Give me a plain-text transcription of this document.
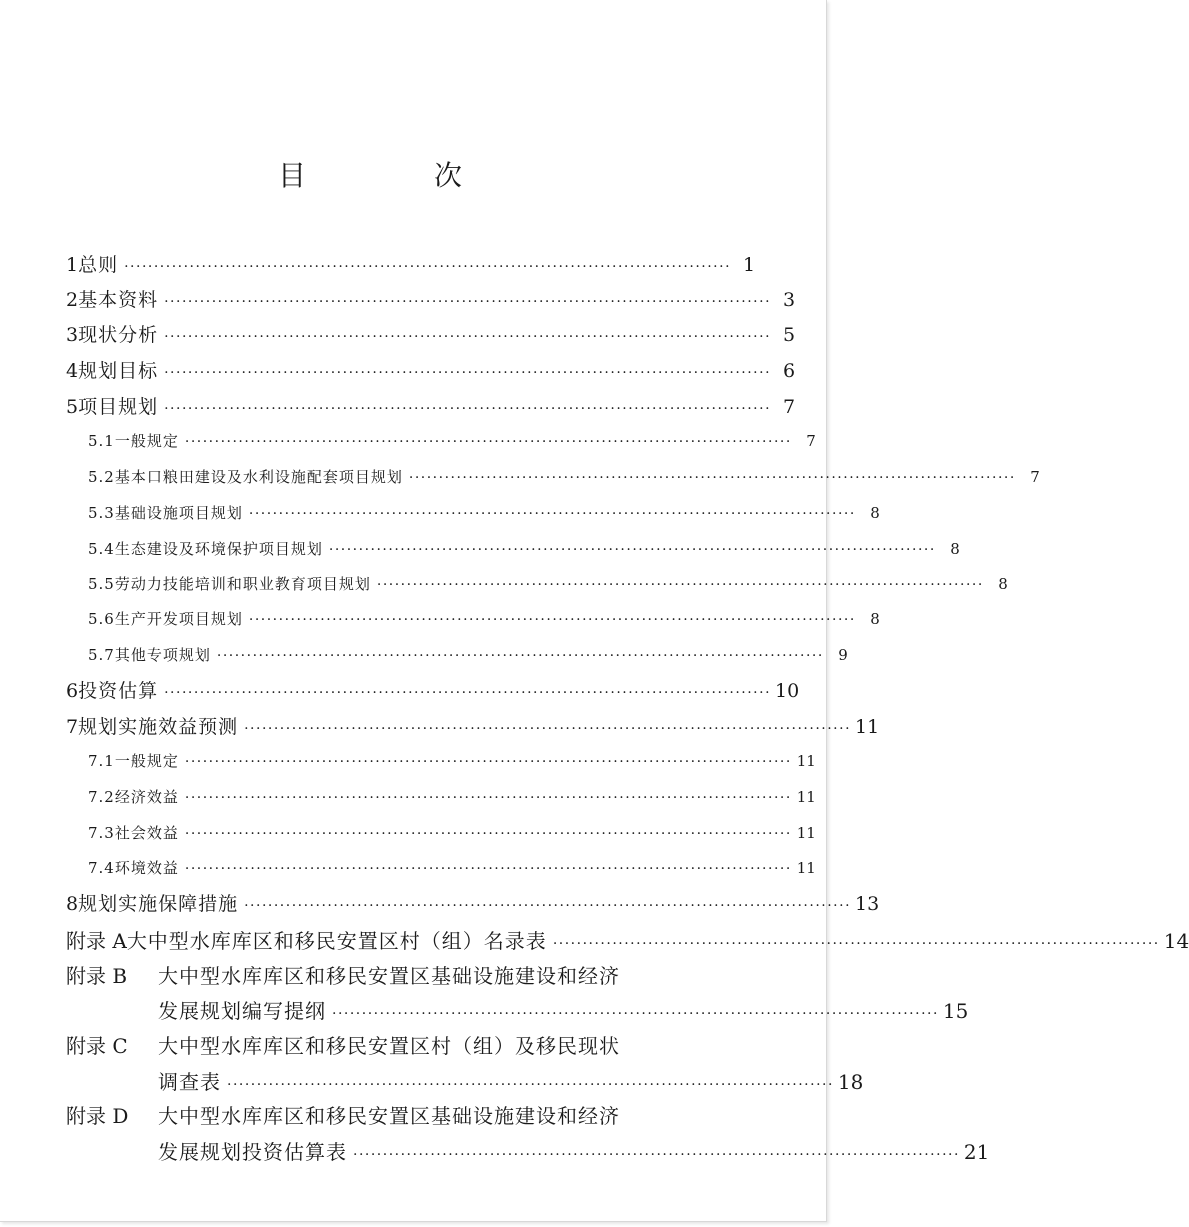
目　次
1 总则 ······································································································ 1
2 基本资料 ······································································································ 3
3 现状分析 ······································································································ 5
4 规划目标 ······································································································ 6
5 项目规划 ······································································································ 7
5.1 一般规定 ······································································································ 7
5.2 基本口粮田建设及水利设施配套项目规划 ······································································································ 7
5.3 基础设施项目规划 ······································································································ 8
5.4 生态建设及环境保护项目规划 ······································································································ 8
5.5 劳动力技能培训和职业教育项目规划 ······································································································ 8
5.6 生产开发项目规划 ······································································································ 8
5.7 其他专项规划 ······································································································ 9
6 投资估算 ······································································································ 10
7 规划实施效益预测 ······································································································ 11
7.1 一般规定 ······································································································ 11
7.2 经济效益 ······································································································ 11
7.3 社会效益 ······································································································ 11
7.4 环境效益 ······································································································ 11
8 规划实施保障措施 ······································································································ 13
附录 A 大中型水库库区和移民安置区村（组）名录表 ······································································································ 14
附录 B	大中型水库库区和移民安置区基础设施建设和经济
发展规划编写提纲 ······································································································ 15
附录 C	大中型水库库区和移民安置区村（组）及移民现状
调查表 ······································································································ 18
附录 D	大中型水库库区和移民安置区基础设施建设和经济
发展规划投资估算表 ······································································································ 21
